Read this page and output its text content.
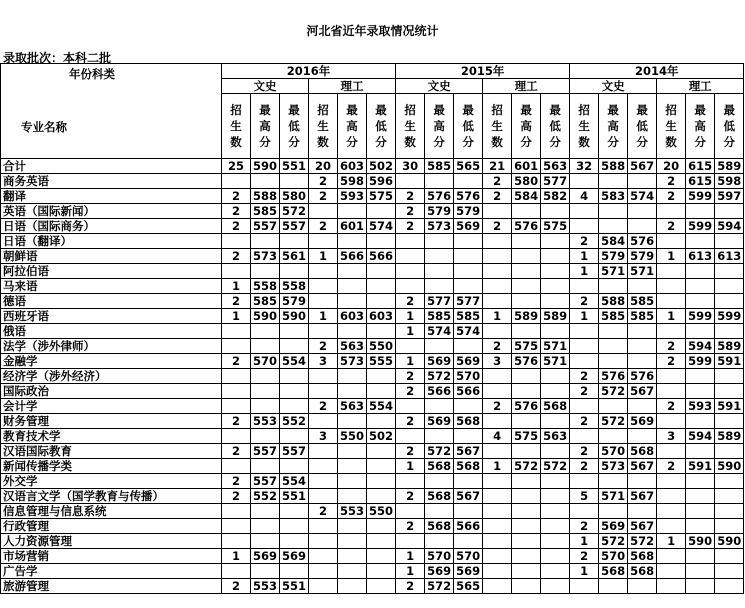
河北省近年录取情况统计
录取批次：本科二批
年份科类
专业名称	2016年						2015年						2014年					
	文史			理工			文史			理工			文史			理工		
	招生数	最高分	最低分	招生数	最高分	最低分	招生数	最高分	最低分	招生数	最高分	最低分	招生数	最高分	最低分	招生数	最高分	最低分
合计	25	590	551	20	603	502	30	585	565	21	601	563	32	588	567	20	615	589
商务英语				2	598	596				2	580	577				2	615	598
翻译	2	588	580	2	593	575	2	576	576	2	584	582	4	583	574	2	599	597
英语（国际新闻）	2	585	572				2	579	579									
日语（国际商务）	2	557	557	2	601	574	2	573	569	2	576	575				2	599	594
日语（翻译）													2	584	576			
朝鲜语	2	573	561	1	566	566							1	579	579	1	613	613
阿拉伯语													1	571	571			
马来语	1	558	558															
德语	2	585	579				2	577	577				2	588	585			
西班牙语	1	590	590	1	603	603	1	585	585	1	589	589	1	585	585	1	599	599
俄语							1	574	574									
法学（涉外律师）				2	563	550				2	575	571				2	594	589
金融学	2	570	554	3	573	555	1	569	569	3	576	571				2	599	591
经济学（涉外经济）							2	572	570				2	576	576			
国际政治							2	566	566				2	572	567			
会计学				2	563	554				2	576	568				2	593	591
财务管理	2	553	552				2	569	568				2	572	569			
教育技术学				3	550	502				4	575	563				3	594	589
汉语国际教育	2	557	557				2	572	567				2	570	568			
新闻传播学类							1	568	568	1	572	572	2	573	567	2	591	590
外交学	2	557	554															
汉语言文学（国学教育与传播）	2	552	551				2	568	567				5	571	567			
信息管理与信息系统				2	553	550												
行政管理							2	568	566				2	569	567			
人力资源管理													1	572	572	1	590	590
市场营销	1	569	569				1	570	570				2	570	568			
广告学							1	569	569				1	568	568			
旅游管理	2	553	551				2	572	565									
